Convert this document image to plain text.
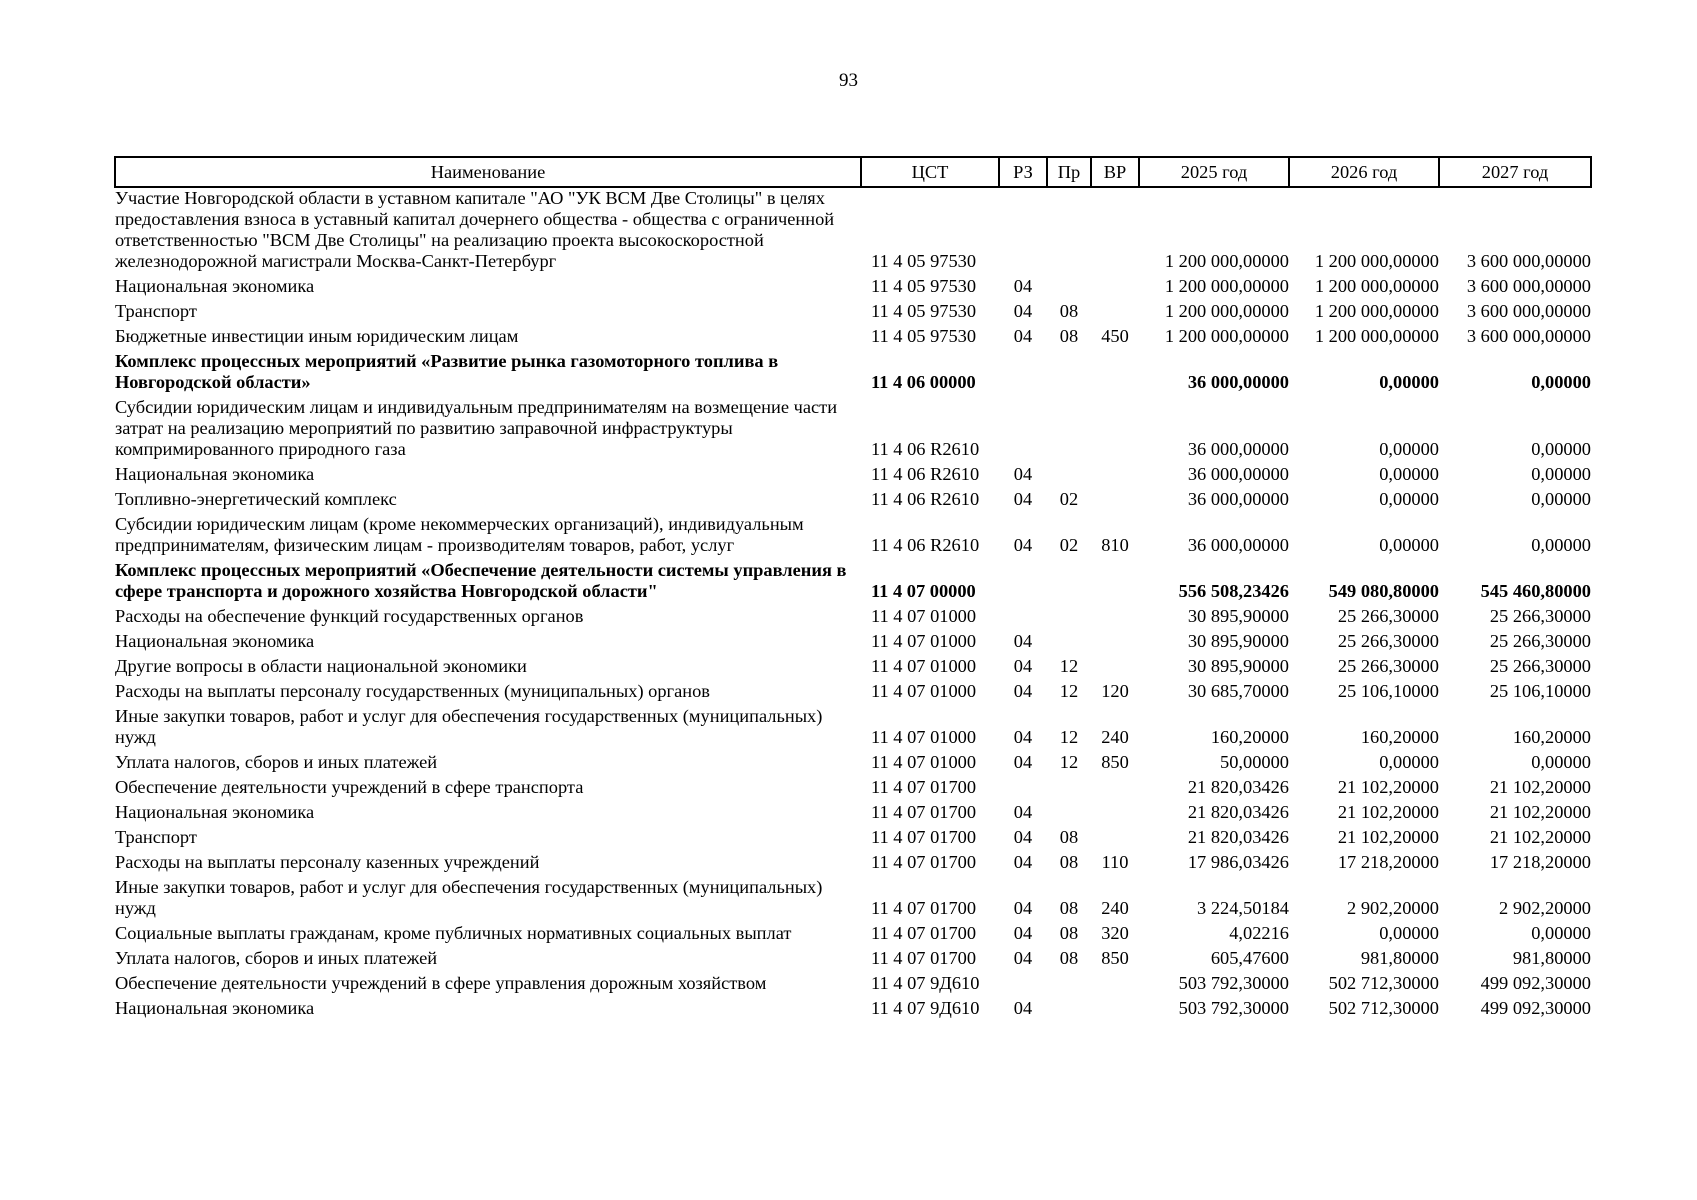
93
Наименование	ЦСТ	РЗ	Пр	ВР	2025 год	2026 год	2027 год
Участие Новгородской области в уставном капитале "АО "УК ВСМ Две Столицы" в целях предоставления взноса в уставный капитал дочернего общества - общества с ограниченной ответственностью "ВСМ Две Столицы" на реализацию проекта высокоскоростной железнодорожной магистрали Москва-Санкт-Петербург	11 4 05 97530				1 200 000,00000	1 200 000,00000	3 600 000,00000
Национальная экономика	11 4 05 97530	04			1 200 000,00000	1 200 000,00000	3 600 000,00000
Транспорт	11 4 05 97530	04	08		1 200 000,00000	1 200 000,00000	3 600 000,00000
Бюджетные инвестиции иным юридическим лицам	11 4 05 97530	04	08	450	1 200 000,00000	1 200 000,00000	3 600 000,00000
Комплекс процессных мероприятий «Развитие рынка газомоторного топлива в Новгородской области»	11 4 06 00000				36 000,00000	0,00000	0,00000
Субсидии юридическим лицам и индивидуальным предпринимателям на возмещение части затрат на реализацию мероприятий по развитию заправочной инфраструктуры компримированного природного газа	11 4 06 R2610				36 000,00000	0,00000	0,00000
Национальная экономика	11 4 06 R2610	04			36 000,00000	0,00000	0,00000
Топливно-энергетический комплекс	11 4 06 R2610	04	02		36 000,00000	0,00000	0,00000
Субсидии юридическим лицам (кроме некоммерческих организаций), индивидуальным предпринимателям, физическим лицам - производителям товаров, работ, услуг	11 4 06 R2610	04	02	810	36 000,00000	0,00000	0,00000
Комплекс процессных мероприятий «Обеспечение деятельности системы управления в сфере транспорта и дорожного хозяйства Новгородской области"	11 4 07 00000				556 508,23426	549 080,80000	545 460,80000
Расходы на обеспечение функций государственных органов	11 4 07 01000				30 895,90000	25 266,30000	25 266,30000
Национальная экономика	11 4 07 01000	04			30 895,90000	25 266,30000	25 266,30000
Другие вопросы в области национальной экономики	11 4 07 01000	04	12		30 895,90000	25 266,30000	25 266,30000
Расходы на выплаты персоналу государственных (муниципальных) органов	11 4 07 01000	04	12	120	30 685,70000	25 106,10000	25 106,10000
Иные закупки товаров, работ и услуг для обеспечения государственных (муниципальных) нужд	11 4 07 01000	04	12	240	160,20000	160,20000	160,20000
Уплата налогов, сборов и иных платежей	11 4 07 01000	04	12	850	50,00000	0,00000	0,00000
Обеспечение деятельности учреждений в сфере транспорта	11 4 07 01700				21 820,03426	21 102,20000	21 102,20000
Национальная экономика	11 4 07 01700	04			21 820,03426	21 102,20000	21 102,20000
Транспорт	11 4 07 01700	04	08		21 820,03426	21 102,20000	21 102,20000
Расходы на выплаты персоналу казенных учреждений	11 4 07 01700	04	08	110	17 986,03426	17 218,20000	17 218,20000
Иные закупки товаров, работ и услуг для обеспечения государственных (муниципальных) нужд	11 4 07 01700	04	08	240	3 224,50184	2 902,20000	2 902,20000
Социальные выплаты гражданам, кроме публичных нормативных социальных выплат	11 4 07 01700	04	08	320	4,02216	0,00000	0,00000
Уплата налогов, сборов и иных платежей	11 4 07 01700	04	08	850	605,47600	981,80000	981,80000
Обеспечение деятельности учреждений в сфере управления дорожным хозяйством	11 4 07 9Д610				503 792,30000	502 712,30000	499 092,30000
Национальная экономика	11 4 07 9Д610	04			503 792,30000	502 712,30000	499 092,30000
